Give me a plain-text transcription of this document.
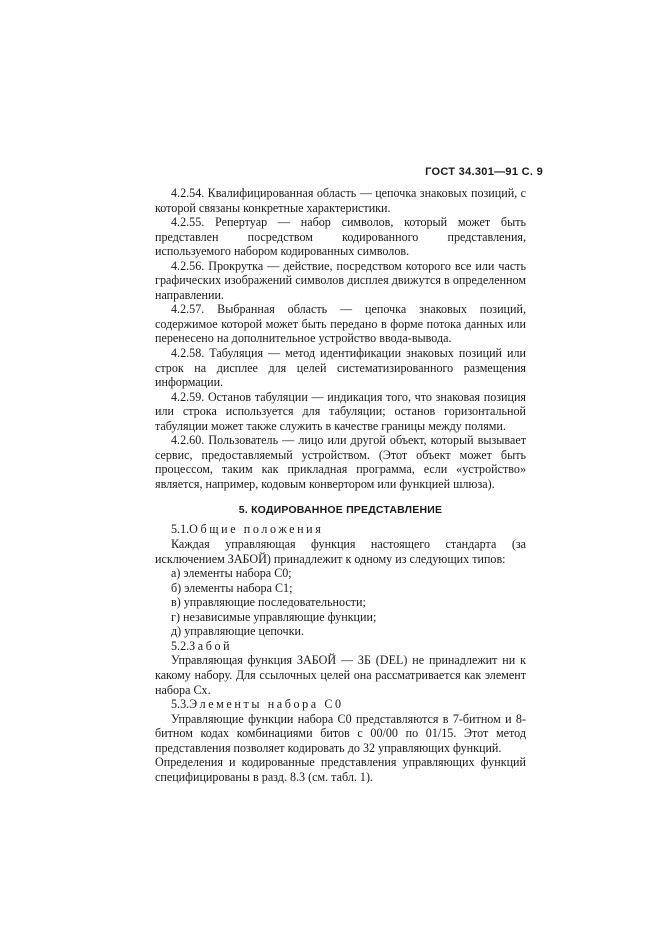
ГОСТ 34.301—91 С. 9

4.2.54. Квалифицированная область — цепочка знаковых позиций, с которой связаны конкретные характеристики.

4.2.55. Репертуар — набор символов, который может быть представлен посредством кодированного представления, используемого набором кодированных символов.

4.2.56. Прокрутка — действие, посредством которого все или часть графических изображений символов дисплея движутся в определенном направлении.

4.2.57. Выбранная область — цепочка знаковых позиций, содержимое которой может быть передано в форме потока данных или перенесено на дополнительное устройство ввода-вывода.

4.2.58. Табуляция — метод идентификации знаковых позиций или строк на дисплее для целей систематизированного размещения информации.

4.2.59. Останов табуляции — индикация того, что знаковая позиция или строка используется для табуляции; останов горизонтальной табуляции может также служить в качестве границы между полями.

4.2.60. Пользователь — лицо или другой объект, который вызывает сервис, предоставляемый устройством. (Этот объект может быть процессом, таким как прикладная программа, если «устройство» является, например, кодовым конвертором или функцией шлюза).

5. КОДИРОВАННОЕ ПРЕДСТАВЛЕНИЕ

5.1.Общие положения

Каждая управляющая функция настоящего стандарта (за исключением ЗАБОЙ) принадлежит к одному из следующих типов:

а) элементы набора С0;

б) элементы набора С1;

в) управляющие последовательности;

г) независимые управляющие функции;

д) управляющие цепочки.

5.2.Забой

Управляющая функция ЗАБОЙ — ЗБ (DEL) не принадлежит ни к какому набору. Для ссылочных целей она рассматривается как элемент набора Сх.

5.3.Элементы набора С0

Управляющие функции набора С0 представляются в 7-битном и 8-битном кодах комбинациями битов с 00/00 по 01/15. Этот метод представления позволяет кодировать до 32 управляющих функций.

Определения и кодированные представления управляющих функций специфицированы в разд. 8.3 (см. табл. 1).
